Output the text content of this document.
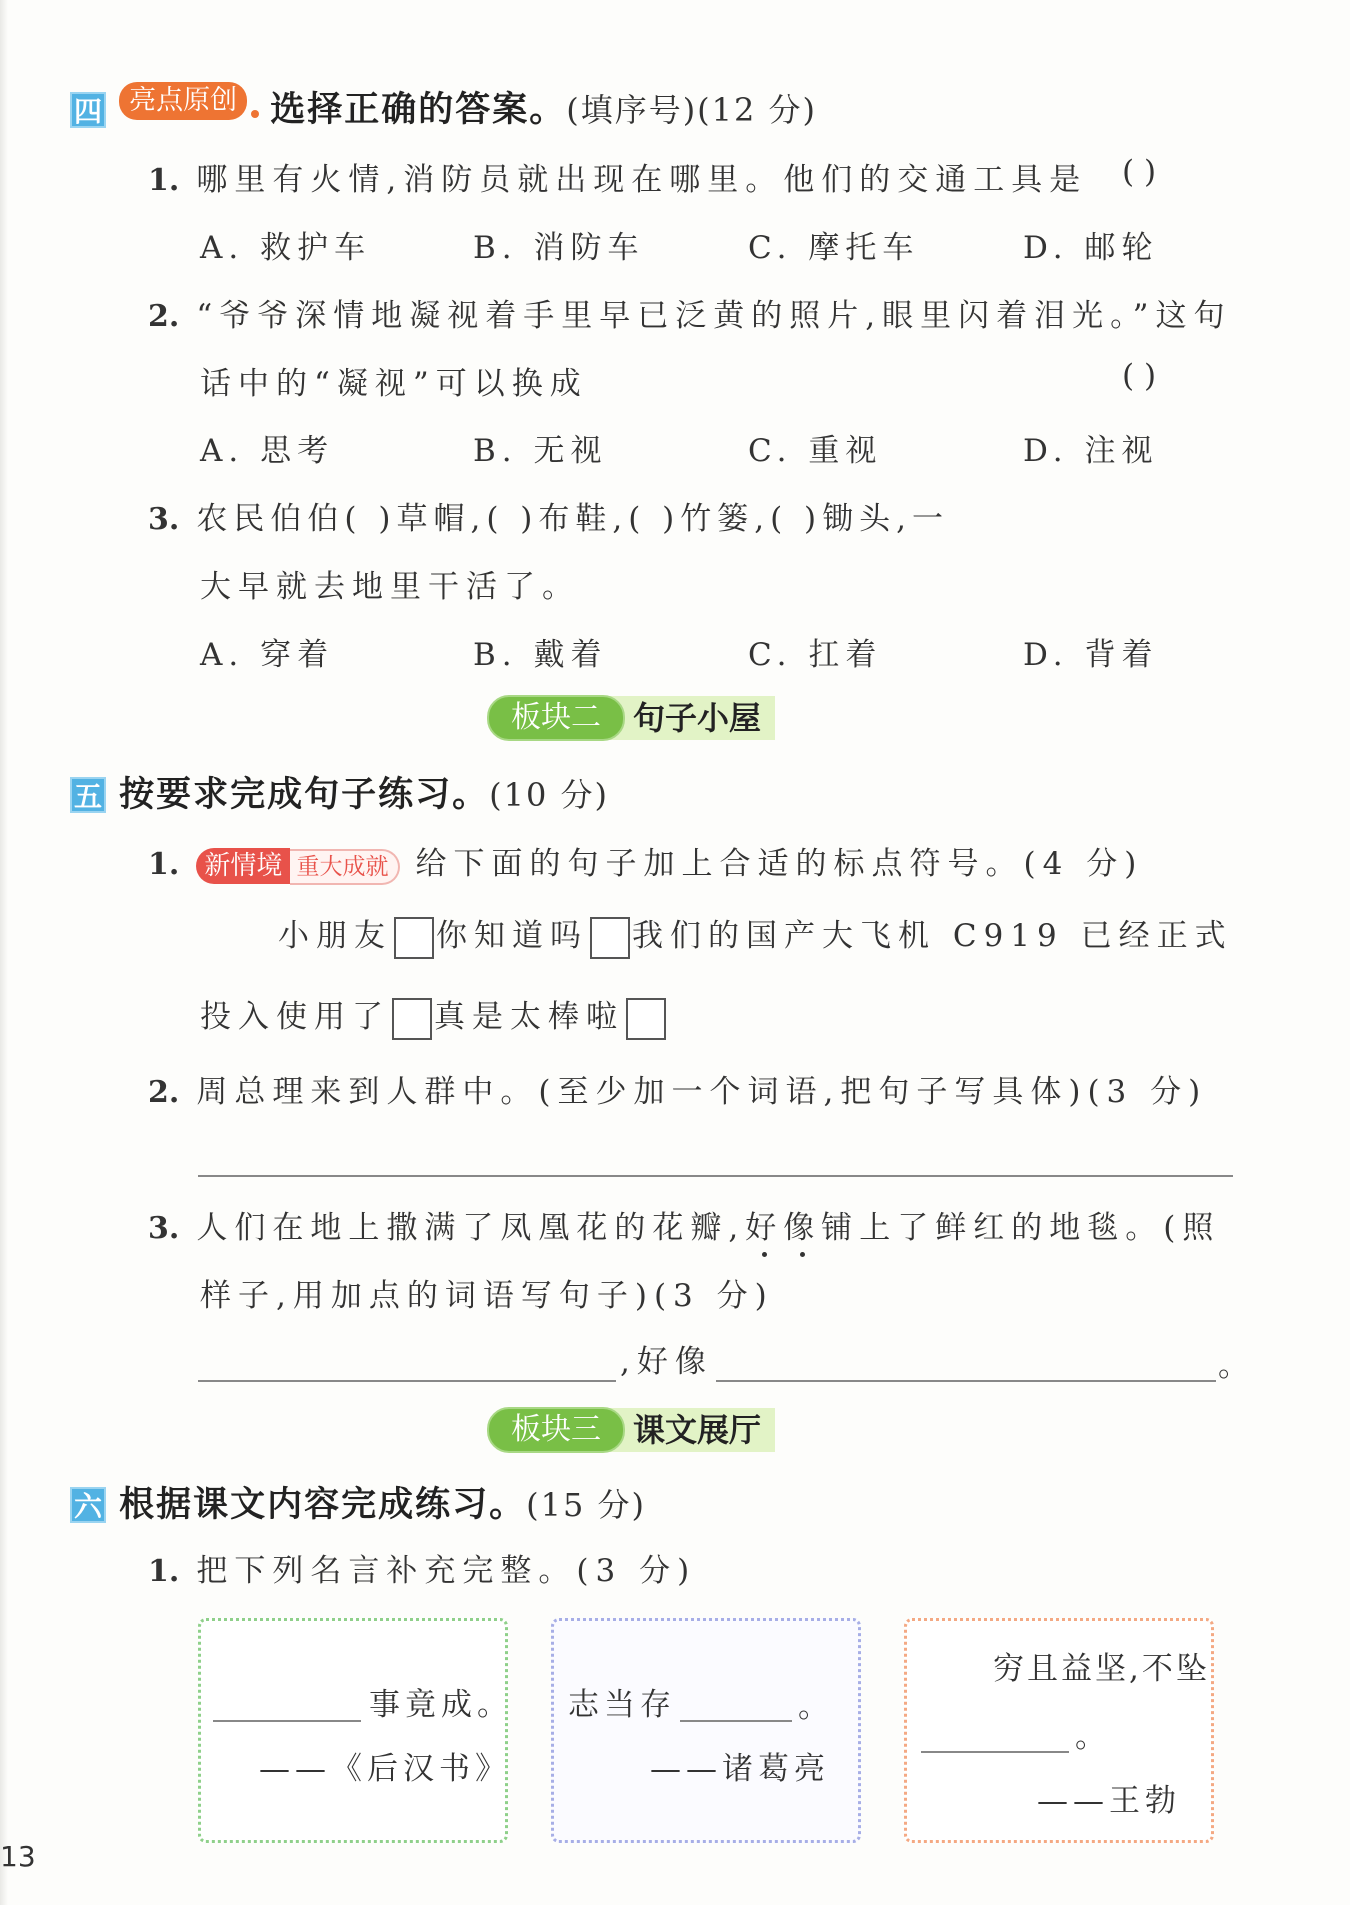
四 亮点原创 选择正确的答案。(填序号)(12 分)
1. 哪里有火情,消防员就出现在哪里。他们的交通工具是 ( )
A. 救护车	B. 消防车	C. 摩托车	D. 邮轮
2. “爷爷深情地凝视着手里早已泛黄的照片,眼里闪着泪光。”这句
话中的“凝视”可以换成	( )
A. 思考	B. 无视	C. 重视	D. 注视
3. 农民伯伯( )草帽,( )布鞋,( )竹篓,( )锄头,一
大早就去地里干活了。
A. 穿着	B. 戴着	C. 扛着	D. 背着
板块二	句子小屋
五 按要求完成句子练习。(10 分)
1. 新情境 重大成就 给下面的句子加上合适的标点符号。(4 分)
小朋友 你知道吗 我们的国产大飞机 C919 已经正式
投入使用了 真是太棒啦
2. 周总理来到人群中。(至少加一个词语,把句子写具体)(3 分)
3. 人们在地上撒满了凤凰花的花瓣,好像铺上了鲜红的地毯。(照
样子,用加点的词语写句子)(3 分)
,好像	。
板块三	课文展厅
六 根据课文内容完成练习。(15 分)
1. 把下列名言补充完整。(3 分)
事竟成。
——《后汉书》
志当存	。
——诸葛亮
穷且益坚,不坠
。
——王勃
13
